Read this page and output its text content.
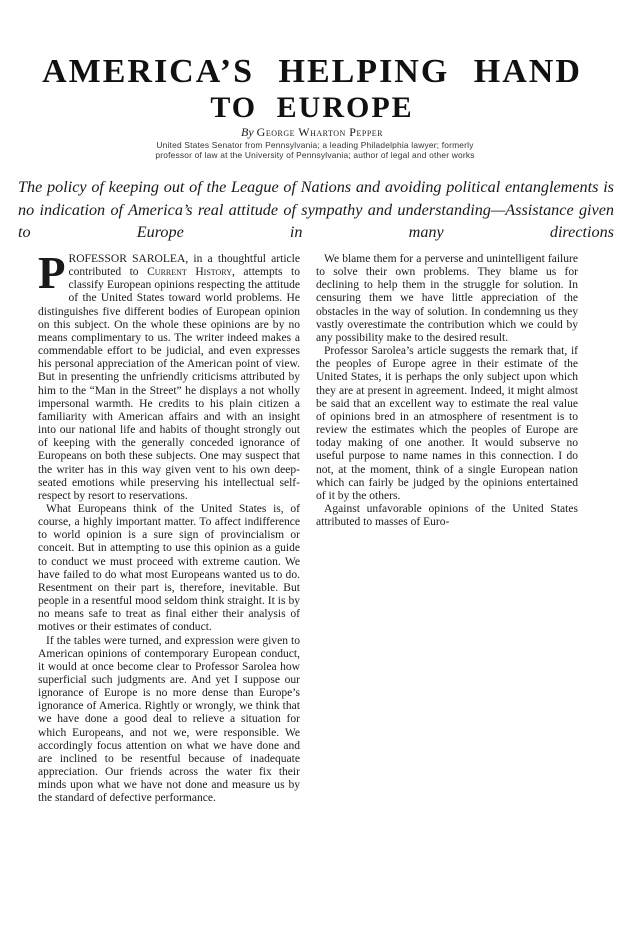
AMERICA’S HELPING HAND
TO EUROPE
By George Wharton Pepper
United States Senator from Pennsylvania; a leading Philadelphia lawyer; formerly professor of law at the University of Pennsylvania; author of legal and other works
The policy of keeping out of the League of Nations and avoiding political entanglements is no indication of America’s real attitude of sympathy and understanding—Assistance given to Europe in many directions

PROFESSOR SAROLEA, in a thoughtful article contributed to Current History, attempts to classify European opinions respecting the attitude of the United States toward world problems. He distinguishes five different bodies of European opinion on this subject. On the whole these opinions are by no means complimentary to us. The writer indeed makes a commendable effort to be judicial, and even expresses his personal appreciation of the American point of view. But in presenting the unfriendly criticisms attributed by him to the “Man in the Street” he displays a not wholly impersonal warmth. He credits to his plain citizen a familiarity with American affairs and with an insight into our national life and habits of thought strongly out of keeping with the generally conceded ignorance of Europeans on both these subjects. One may suspect that the writer has in this way given vent to his own deep-seated emotions while preserving his intellectual self-respect by resort to reservations.

What Europeans think of the United States is, of course, a highly important matter. To affect indifference to world opinion is a sure sign of provincialism or conceit. But in attempting to use this opinion as a guide to conduct we must proceed with extreme caution. We have failed to do what most Europeans wanted us to do. Resentment on their part is, therefore, inevitable. But people in a resentful mood seldom think straight. It is by no means safe to treat as final either their analysis of motives or their estimates of conduct.

If the tables were turned, and expression were given to American opinions of contemporary European conduct, it would at once become clear to Professor Sarolea how superficial such judgments are. And yet I suppose our ignorance of Europe is no more dense than Europe’s ignorance of America. Rightly or wrongly, we think that we have done a good deal to relieve a situation for which Europeans, and not we, were responsible. We accordingly focus attention on what we have done and are inclined to be resentful because of inadequate appreciation. Our friends across the water fix their minds upon what we have not done and measure us by the standard of defective performance.

We blame them for a perverse and unintelligent failure to solve their own problems. They blame us for declining to help them in the struggle for solution. In censuring them we have little appreciation of the obstacles in the way of solution. In condemning us they vastly overestimate the contribution which we could by any possibility make to the desired result.

Professor Sarolea’s article suggests the remark that, if the peoples of Europe agree in their estimate of the United States, it is perhaps the only subject upon which they are at present in agreement. Indeed, it might almost be said that an excellent way to estimate the real value of opinions bred in an atmosphere of resentment is to review the estimates which the peoples of Europe are today making of one another. It would subserve no useful purpose to name names in this connection. I do not, at the moment, think of a single European nation which can fairly be judged by the opinions entertained of it by the others.

Against unfavorable opinions of the United States attributed to masses of Euro-
